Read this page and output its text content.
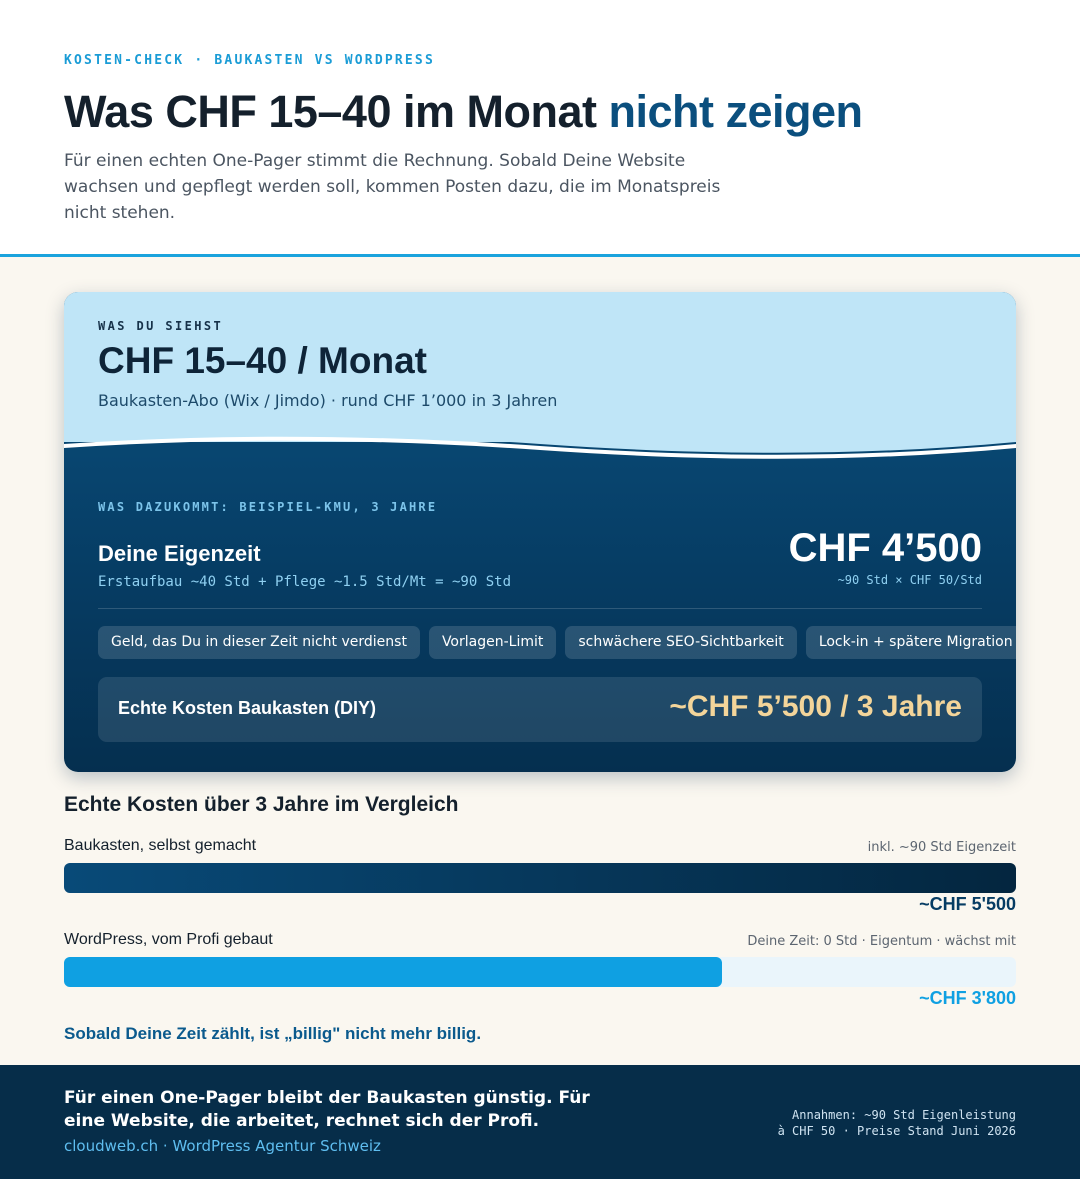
KOSTEN-CHECK · BAUKASTEN VS WORDPRESS
Was CHF 15–40 im Monat nicht zeigen
Für einen echten One-Pager stimmt die Rechnung. Sobald Deine Website wachsen und gepflegt werden soll, kommen Posten dazu, die im Monatspreis nicht stehen.
WAS DU SIEHST
CHF 15–40 / Monat
Baukasten-Abo (Wix / Jimdo) · rund CHF 1’000 in 3 Jahren
WAS DAZUKOMMT: BEISPIEL-KMU, 3 JAHRE
Deine Eigenzeit
Erstaufbau ~40 Std + Pflege ~1.5 Std/Mt = ~90 Std
CHF 4’500
~90 Std × CHF 50/Std
Geld, das Du in dieser Zeit nicht verdienst	Vorlagen-Limit	schwächere SEO-Sichtbarkeit	Lock-in + spätere Migration
Echte Kosten Baukasten (DIY)	~CHF 5’500 / 3 Jahre
Echte Kosten über 3 Jahre im Vergleich
Baukasten, selbst gemacht	inkl. ~90 Std Eigenzeit
~CHF 5'500
WordPress, vom Profi gebaut	Deine Zeit: 0 Std · Eigentum · wächst mit
~CHF 3'800
Sobald Deine Zeit zählt, ist „billig" nicht mehr billig.
Für einen One-Pager bleibt der Baukasten günstig. Für eine Website, die arbeitet, rechnet sich der Profi.
cloudweb.ch · WordPress Agentur Schweiz
Annahmen: ~90 Std Eigenleistung
à CHF 50 · Preise Stand Juni 2026
